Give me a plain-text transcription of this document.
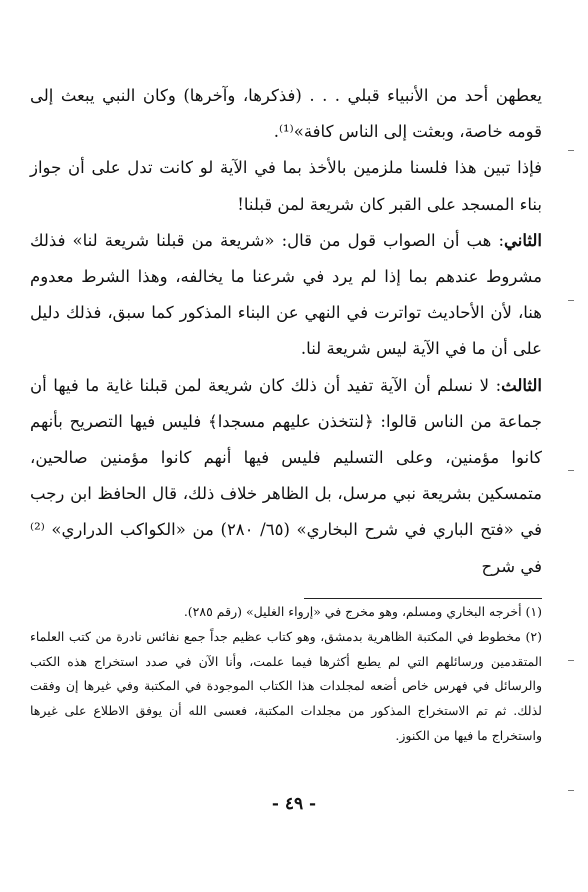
يعطهن أحد من الأنبياء قبلي . . . (فذكرها، وآخرها) وكان النبي يبعث إلى قومه خاصة، وبعثت إلى الناس كافة»⁽¹⁾.

فإذا تبين هذا فلسنا ملزمين بالأخذ بما في الآية لو كانت تدل على أن جواز بناء المسجد على القبر كان شريعة لمن قبلنا!

الثاني: هب أن الصواب قول من قال: «شريعة من قبلنا شريعة لنا» فذلك مشروط عندهم بما إذا لم يرد في شرعنا ما يخالفه، وهذا الشرط معدوم هنا، لأن الأحاديث تواترت في النهي عن البناء المذكور كما سبق، فذلك دليل على أن ما في الآية ليس شريعة لنا.

الثالث: لا نسلم أن الآية تفيد أن ذلك كان شريعة لمن قبلنا غاية ما فيها أن جماعة من الناس قالوا: ﴿لنتخذن عليهم مسجدا﴾ فليس فيها التصريح بأنهم كانوا مؤمنين، وعلى التسليم فليس فيها أنهم كانوا مؤمنين صالحين، متمسكين بشريعة نبي مرسل، بل الظاهر خلاف ذلك، قال الحافظ ابن رجب في «فتح الباري في شرح البخاري» (٦٥/ ٢٨٠) من «الكواكب الدراري» ⁽²⁾ في شرح

(١) أخرجه البخاري ومسلم، وهو مخرج في «إرواء الغليل» (رقم ٢٨٥).

(٢) مخطوط في المكتبة الظاهرية بدمشق، وهو كتاب عظيم جداً جمع نفائس نادرة من كتب العلماء المتقدمين ورسائلهم التي لم يطبع أكثرها فيما علمت، وأنا الآن في صدد استخراج هذه الكتب والرسائل في فهرس خاص أضعه لمجلدات هذا الكتاب الموجودة في المكتبة وفي غيرها إن وفقت لذلك. ثم تم الاستخراج المذكور من مجلدات المكتبة، فعسى الله أن يوفق الاطلاع على غيرها واستخراج ما فيها من الكنوز.

- ٤٩ -
